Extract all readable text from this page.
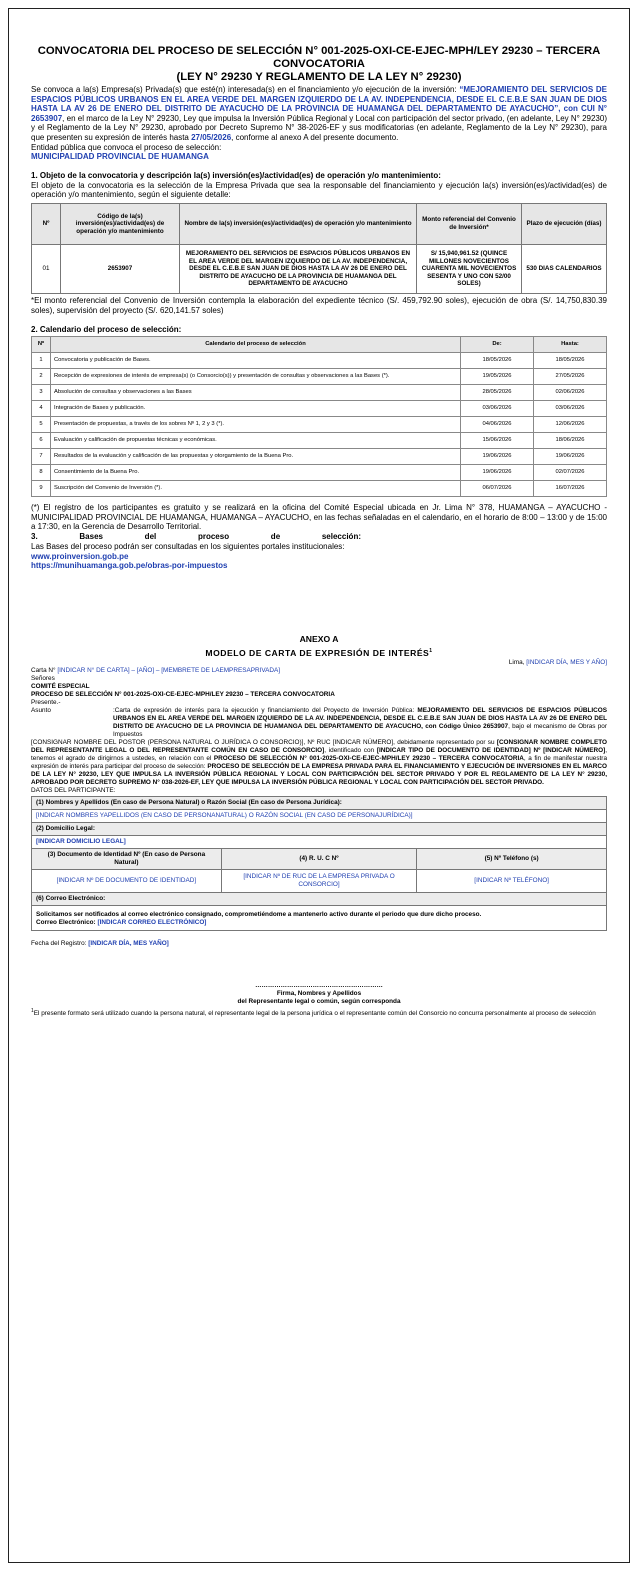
CONVOCATORIA DEL PROCESO DE SELECCIÓN N° 001-2025-OXI-CE-EJEC-MPH/LEY 29230 – TERCERA CONVOCATORIA
(LEY N° 29230 Y REGLAMENTO DE LA LEY N° 29230)
Se convoca a la(s) Empresa(s) Privada(s) que esté(n) interesada(s) en el financiamiento y/o ejecución de la inversión: “MEJORAMIENTO DEL SERVICIOS DE ESPACIOS PÚBLICOS URBANOS EN EL AREA VERDE DEL MARGEN IZQUIERDO DE LA AV. INDEPENDENCIA, DESDE EL C.E.B.E SAN JUAN DE DIOS HASTA LA AV 26 DE ENERO DEL DISTRITO DE AYACUCHO DE LA PROVINCIA DE HUAMANGA DEL DEPARTAMENTO DE AYACUCHO”, con CUI N° 2653907, en el marco de la Ley N° 29230, Ley que impulsa la Inversión Pública Regional y Local con participación del sector privado, (en adelante, Ley N° 29230) y el Reglamento de la Ley N° 29230, aprobado por Decreto Supremo N° 38-2026-EF y sus modificatorias (en adelante, Reglamento de la Ley N° 29230), para que presenten su expresión de interés hasta 27/05/2026, conforme al anexo A del presente documento.
Entidad pública que convoca el proceso de selección:
MUNICIPALIDAD PROVINCIAL DE HUAMANGA
1. Objeto de la convocatoria y descripción la(s) inversión(es)/actividad(es) de operación y/o mantenimiento:
El objeto de la convocatoria es la selección de la Empresa Privada que sea la responsable del financiamiento y ejecución la(s) inversión(es)/actividad(es) de operación y/o mantenimiento, según el siguiente detalle:
Nº	Código de la(s) inversión(es)/actividad(es) de operación y/o mantenimiento	Nombre de la(s) inversión(es)/actividad(es) de operación y/o mantenimiento	Monto referencial del Convenio de Inversión*	Plazo de ejecución (días)
01	2653907	MEJORAMIENTO DEL SERVICIOS DE ESPACIOS PÚBLICOS URBANOS EN EL AREA VERDE DEL MARGEN IZQUIERDO DE LA AV. INDEPENDENCIA, DESDE EL C.E.B.E SAN JUAN DE DIOS HASTA LA AV 26 DE ENERO DEL DISTRITO DE AYACUCHO DE LA PROVINCIA DE HUAMANGA DEL DEPARTAMENTO DE AYACUCHO	S/ 15,940,961.52 (QUINCE MILLONES NOVECIENTOS CUARENTA MIL NOVECIENTOS SESENTA Y UNO CON 52/00 SOLES)	530 DIAS CALENDARIOS
*El monto referencial del Convenio de Inversión contempla la elaboración del expediente técnico (S/. 459,792.90 soles), ejecución de obra (S/. 14,750,830.39 soles), supervisión del proyecto (S/. 620,141.57 soles)
2. Calendario del proceso de selección:
Nº	Calendario del proceso de selección	De:	Hasta:
1	Convocatoria y publicación de Bases.	18/05/2026	18/05/2026
2	Recepción de expresiones de interés de empresa(s) (o Consorcio(s)) y presentación de consultas y observaciones a las Bases (*).	19/05/2026	27/05/2026
3	Absolución de consultas y observaciones a las Bases	28/05/2026	02/06/2026
4	Integración de Bases y publicación.	03/06/2026	03/06/2026
5	Presentación de propuestas, a través de los sobres Nº 1, 2 y 3 (*).	04/06/2026	12/06/2026
6	Evaluación y calificación de propuestas técnicas y económicas.	15/06/2026	18/06/2026
7	Resultados de la evaluación y calificación de las propuestas y otorgamiento de la Buena Pro.	19/06/2026	19/06/2026
8	Consentimiento de la Buena Pro.	19/06/2026	02/07/2026
9	Suscripción del Convenio de Inversión (*).	06/07/2026	16/07/2026
(*) El registro de los participantes es gratuito y se realizará en la oficina del Comité Especial ubicada en Jr. Lima N° 378, HUAMANGA – AYACUCHO - MUNICIPALIDAD PROVINCIAL DE HUAMANGA, HUAMANGA – AYACUCHO, en las fechas señaladas en el calendario, en el horario de 8:00 – 13:00 y de 15:00 a 17:30, en la Gerencia de Desarrollo Territorial.
3. Bases del proceso de selección:
Las Bases del proceso podrán ser consultadas en los siguientes portales institucionales:
www.proinversion.gob.pe
https://munihuamanga.gob.pe/obras-por-impuestos
ANEXO A
MODELO DE CARTA DE EXPRESIÓN DE INTERÉS$^1$
Lima, [INDICAR DÍA, MES Y AÑO]
Carta N° [INDICAR N° DE CARTA] – [AÑO] – [MEMBRETE DE LAEMPRESAPRIVADA]
Señores
COMITÉ ESPECIAL
PROCESO DE SELECCIÓN N° 001-2025-OXI-CE-EJEC-MPH/LEY 29230 – TERCERA CONVOCATORIA
Presente.-
Asunto	:Carta de expresión de interés para la ejecución y financiamiento del Proyecto de Inversión Pública: MEJORAMIENTO DEL SERVICIOS DE ESPACIOS PÚBLICOS URBANOS EN EL AREA VERDE DEL MARGEN IZQUIERDO DE LA AV. INDEPENDENCIA, DESDE EL C.E.B.E SAN JUAN DE DIOS HASTA LA AV 26 DE ENERO DEL DISTRITO DE AYACUCHO DE LA PROVINCIA DE HUAMANGA DEL DEPARTAMENTO DE AYACUCHO, con Código Único 2653907, bajo el mecanismo de Obras por Impuestos
[CONSIGNAR NOMBRE DEL POSTOR (PERSONA NATURAL O JURÍDICA O CONSORCIO)], Nº RUC [INDICAR NÚMERO], debidamente representado por su [CONSIGNAR NOMBRE COMPLETO DEL REPRESENTANTE LEGAL O DEL REPRESENTANTE COMÚN EN CASO DE CONSORCIO], identificado con [INDICAR TIPO DE DOCUMENTO DE IDENTIDAD] Nº [INDICAR NÚMERO], tenemos el agrado de dirigirnos a ustedes, en relación con el PROCESO DE SELECCIÓN N° 001-2025-OXI-CE-EJEC-MPH/LEY 29230 – TERCERA CONVOCATORIA, a fin de manifestar nuestra expresión de interés para participar del proceso de selección: PROCESO DE SELECCIÓN DE LA EMPRESA PRIVADA PARA EL FINANCIAMIENTO Y EJECUCIÓN DE INVERSIONES EN EL MARCO DE LA LEY N° 29230, LEY QUE IMPULSA LA INVERSIÓN PÚBLICA REGIONAL Y LOCAL CON PARTICIPACIÓN DEL SECTOR PRIVADO Y POR EL REGLAMENTO DE LA LEY N° 29230, APROBADO POR DECRETO SUPREMO N° 038-2026-EF, LEY QUE IMPULSA LA INVERSIÓN PÚBLICA REGIONAL Y LOCAL CON PARTICIPACIÓN DEL SECTOR PRIVADO.
DATOS DEL PARTICIPANTE:
(1) Nombres y Apellidos (En caso de Persona Natural) o Razón Social (En caso de Persona Jurídica):		
[INDICAR NOMBRES YAPELLIDOS (EN CASO DE PERSONANATURAL) O RAZÓN SOCIAL (EN CASO DE PERSONAJURÍDICA)]		
(2) Domicilio Legal:		
[INDICAR DOMICILIO LEGAL]		
(3) Documento de Identidad Nº (En caso de Persona Natural)	(4) R. U. C Nº	(5) Nº Teléfono (s)
[INDICAR Nº DE DOCUMENTO DE IDENTIDAD]	[INDICAR Nº DE RUC DE LA EMPRESA PRIVADA O CONSORCIO]	[INDICAR Nº TELÉFONO]
(6) Correo Electrónico:		

Solicitamos ser notificados al correo electrónico consignado, comprometiéndome a mantenerlo activo durante el periodo que dure dicho proceso.
Correo Electrónico: [INDICAR CORREO ELECTRÓNICO]		
Fecha del Registro: [INDICAR DÍA, MES YAÑO]
……………………………………………………
Firma, Nombres y Apellidos
del Representante legal o común, según corresponda
$^1$El presente formato será utilizado cuando la persona natural, el representante legal de la persona jurídica o el representante común del Consorcio no concurra personalmente al proceso de selección
